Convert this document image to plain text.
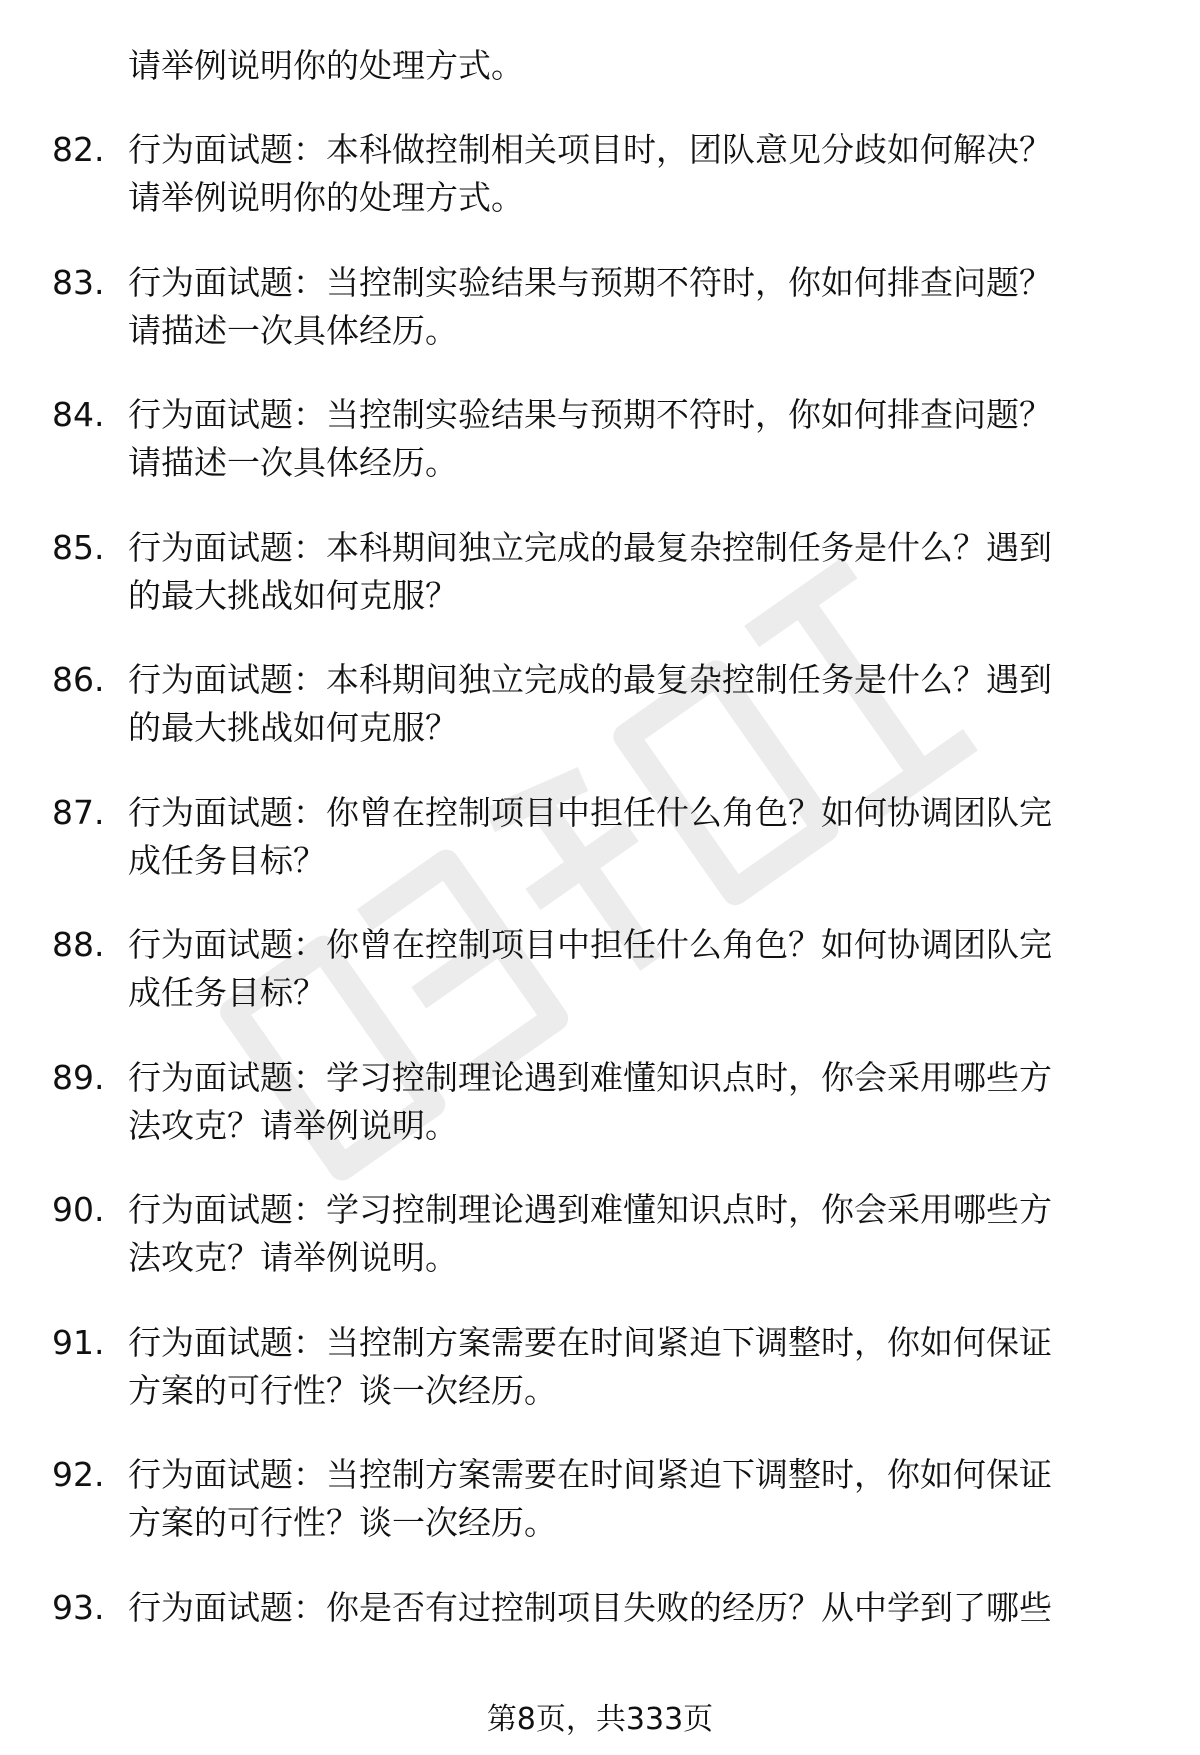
请举例说明你的处理方式。
82. 行为面试题：本科做控制相关项目时，团队意见分歧如何解决？
请举例说明你的处理方式。
83. 行为面试题：当控制实验结果与预期不符时，你如何排查问题？
请描述一次具体经历。
84. 行为面试题：当控制实验结果与预期不符时，你如何排查问题？
请描述一次具体经历。
85. 行为面试题：本科期间独立完成的最复杂控制任务是什么？遇到
的最大挑战如何克服？
86. 行为面试题：本科期间独立完成的最复杂控制任务是什么？遇到
的最大挑战如何克服？
87. 行为面试题：你曾在控制项目中担任什么角色？如何协调团队完
成任务目标？
88. 行为面试题：你曾在控制项目中担任什么角色？如何协调团队完
成任务目标？
89. 行为面试题：学习控制理论遇到难懂知识点时，你会采用哪些方
法攻克？请举例说明。
90. 行为面试题：学习控制理论遇到难懂知识点时，你会采用哪些方
法攻克？请举例说明。
91. 行为面试题：当控制方案需要在时间紧迫下调整时，你如何保证
方案的可行性？谈一次经历。
92. 行为面试题：当控制方案需要在时间紧迫下调整时，你如何保证
方案的可行性？谈一次经历。
93. 行为面试题：你是否有过控制项目失败的经历？从中学到了哪些
第8页，共333页
